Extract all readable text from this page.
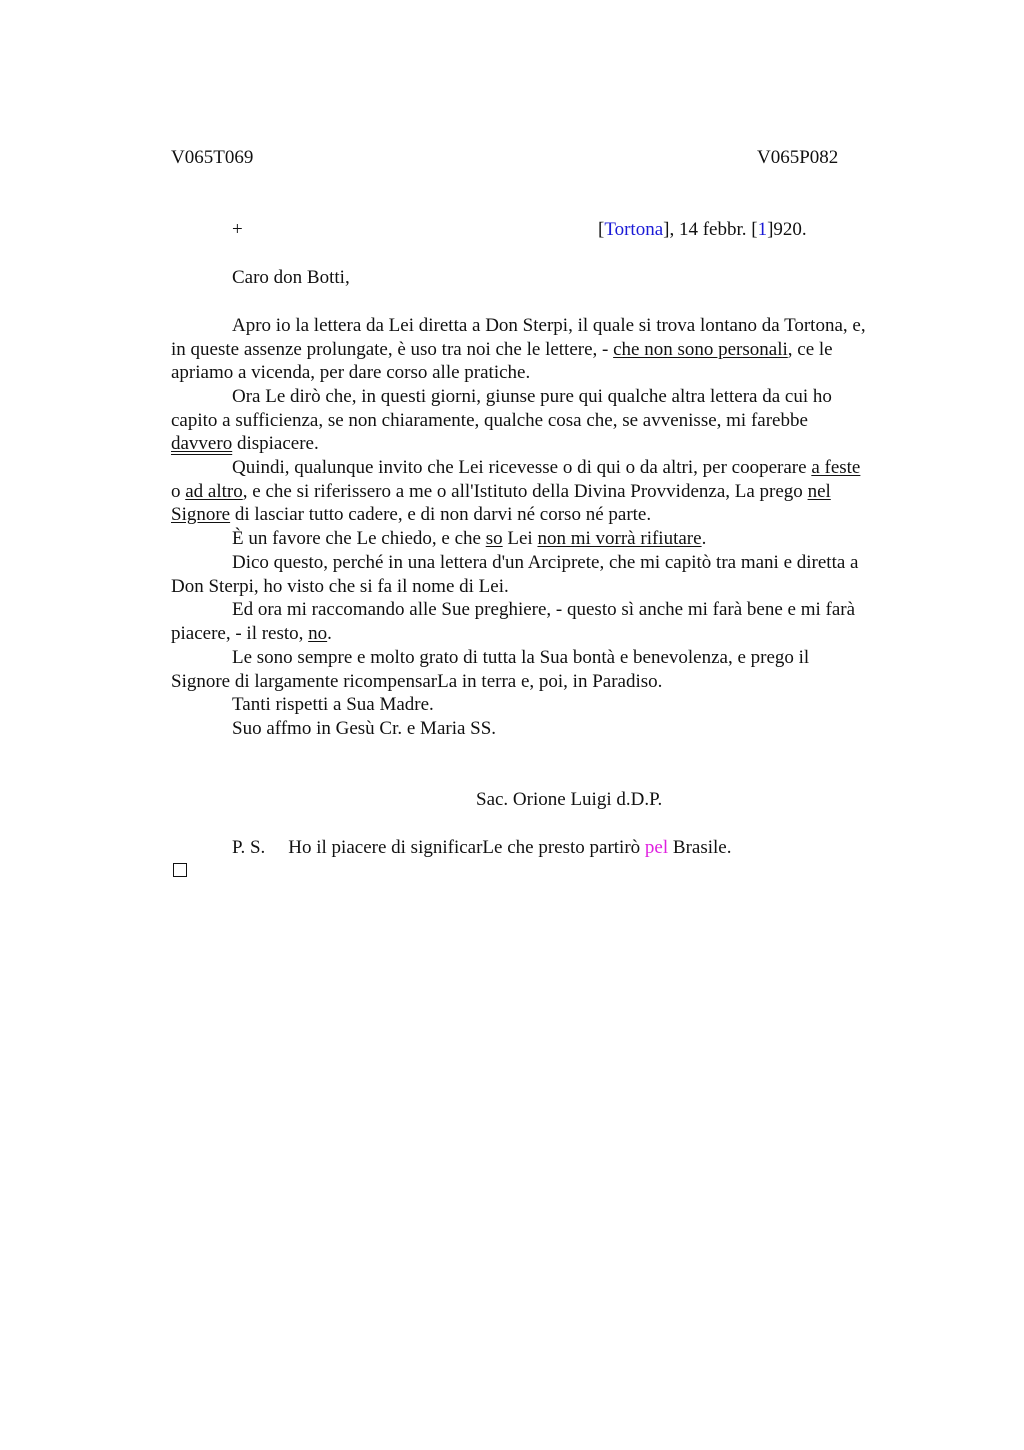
V065T069	V065P082
+	[Tortona], 14 febbr. [1]920.
Caro don Botti,
Apro io la lettera da Lei diretta a Don Sterpi, il quale si trova lontano da Tortona, e,
in queste assenze prolungate, è uso tra noi che le lettere, - che non sono personali, ce le
apriamo a vicenda, per dare corso alle pratiche.
Ora Le dirò che, in questi giorni, giunse pure qui qualche altra lettera da cui ho
capito a sufficienza, se non chiaramente, qualche cosa che, se avvenisse, mi farebbe
davvero dispiacere.
Quindi, qualunque invito che Lei ricevesse o di qui o da altri, per cooperare a feste
o ad altro, e che si riferissero a me o all'Istituto della Divina Provvidenza, La prego nel
Signore di lasciar tutto cadere, e di non darvi né corso né parte.
È un favore che Le chiedo, e che so Lei non mi vorrà rifiutare.
Dico questo, perché in una lettera d'un Arciprete, che mi capitò tra mani e diretta a
Don Sterpi, ho visto che si fa il nome di Lei.
Ed ora mi raccomando alle Sue preghiere, - questo sì anche mi farà bene e mi farà
piacere, - il resto, no.
Le sono sempre e molto grato di tutta la Sua bontà e benevolenza, e prego il
Signore di largamente ricompensarLa in terra e, poi, in Paradiso.
Tanti rispetti a Sua Madre.
Suo affmo in Gesù Cr. e Maria SS.
Sac. Orione Luigi d.D.P.
P. S. Ho il piacere di significarLe che presto partirò pel Brasile.
